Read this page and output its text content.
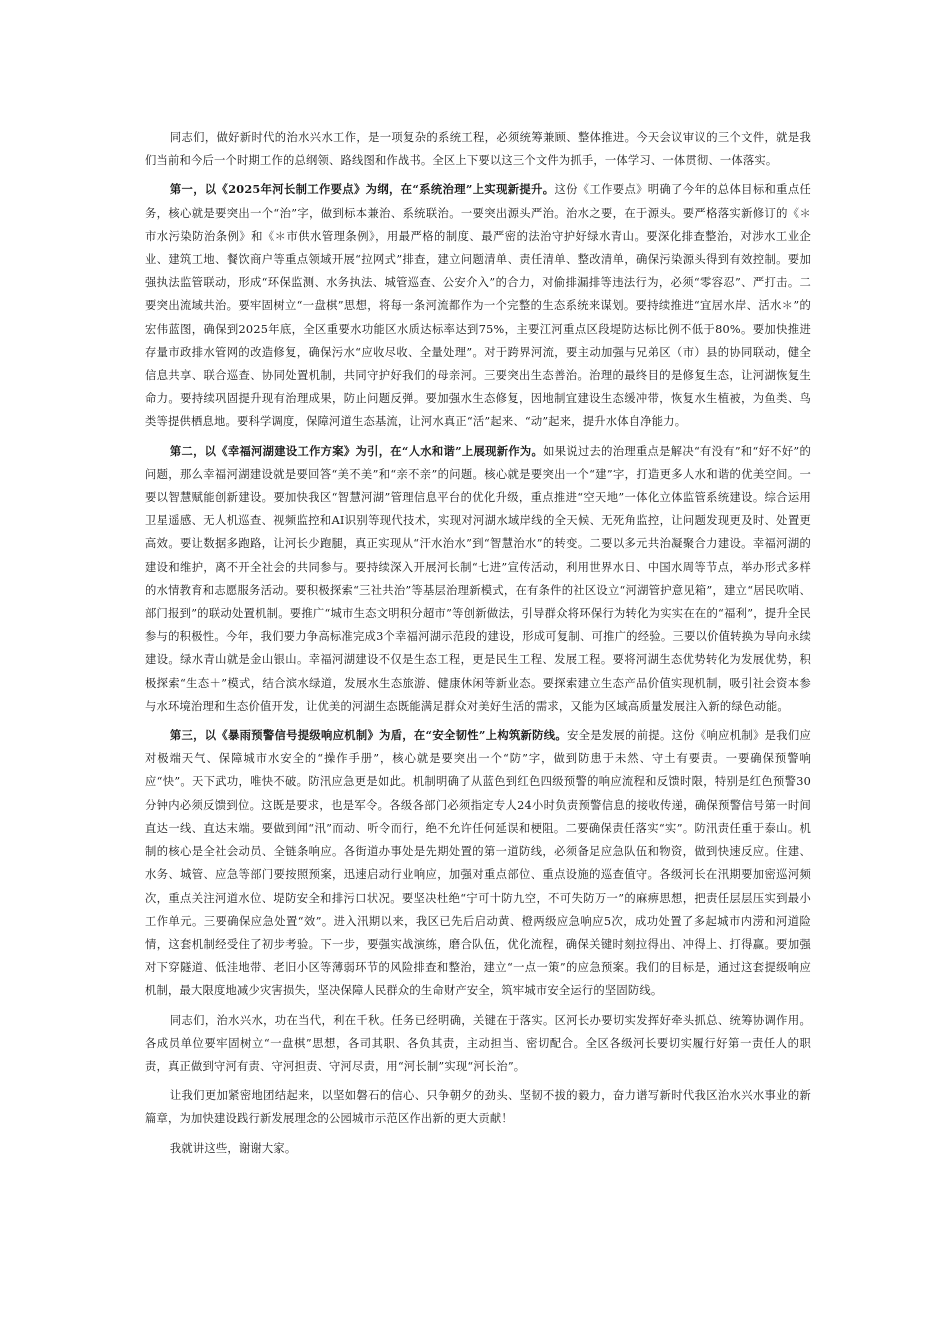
同志们，做好新时代的治水兴水工作，是一项复杂的系统工程，必须统筹兼顾、整体推进。今天会议审议的三个文件，就是我们当前和今后一个时期工作的总纲领、路线图和作战书。全区上下要以这三个文件为抓手，一体学习、一体贯彻、一体落实。

第一，以《2025年河长制工作要点》为纲，在“系统治理”上实现新提升。这份《工作要点》明确了今年的总体目标和重点任务，核心就是要突出一个“治”字，做到标本兼治、系统联治。一要突出源头严治。治水之要，在于源头。要严格落实新修订的《＊市水污染防治条例》和《＊市供水管理条例》，用最严格的制度、最严密的法治守护好绿水青山。要深化排查整治，对涉水工业企业、建筑工地、餐饮商户等重点领域开展“拉网式”排查，建立问题清单、责任清单、整改清单，确保污染源头得到有效控制。要加强执法监管联动，形成“环保监测、水务执法、城管巡查、公安介入”的合力，对偷排漏排等违法行为，必须“零容忍”、严打击。二要突出流域共治。要牢固树立“一盘棋”思想，将每一条河流都作为一个完整的生态系统来谋划。要持续推进“宜居水岸、活水＊”的宏伟蓝图，确保到2025年底，全区重要水功能区水质达标率达到75%，主要江河重点区段堤防达标比例不低于80%。要加快推进存量市政排水管网的改造修复，确保污水“应收尽收、全量处理”。对于跨界河流，要主动加强与兄弟区（市）县的协同联动，健全信息共享、联合巡查、协同处置机制，共同守护好我们的母亲河。三要突出生态善治。治理的最终目的是修复生态，让河湖恢复生命力。要持续巩固提升现有治理成果，防止问题反弹。要加强水生态修复，因地制宜建设生态缓冲带，恢复水生植被，为鱼类、鸟类等提供栖息地。要科学调度，保障河道生态基流，让河水真正“活”起来、“动”起来，提升水体自净能力。

第二，以《幸福河湖建设工作方案》为引，在“人水和谐”上展现新作为。如果说过去的治理重点是解决“有没有”和“好不好”的问题，那么幸福河湖建设就是要回答“美不美”和“亲不亲”的问题。核心就是要突出一个“建”字，打造更多人水和谐的优美空间。一要以智慧赋能创新建设。要加快我区“智慧河湖”管理信息平台的优化升级，重点推进“空天地”一体化立体监管系统建设。综合运用卫星遥感、无人机巡查、视频监控和AI识别等现代技术，实现对河湖水域岸线的全天候、无死角监控，让问题发现更及时、处置更高效。要让数据多跑路，让河长少跑腿，真正实现从“汗水治水”到“智慧治水”的转变。二要以多元共治凝聚合力建设。幸福河湖的建设和维护，离不开全社会的共同参与。要持续深入开展河长制“七进”宣传活动，利用世界水日、中国水周等节点，举办形式多样的水情教育和志愿服务活动。要积极探索“三社共治”等基层治理新模式，在有条件的社区设立“河湖管护意见箱”，建立“居民吹哨、部门报到”的联动处置机制。要推广“城市生态文明积分超市”等创新做法，引导群众将环保行为转化为实实在在的“福利”，提升全民参与的积极性。今年，我们要力争高标准完成3个幸福河湖示范段的建设，形成可复制、可推广的经验。三要以价值转换为导向永续建设。绿水青山就是金山银山。幸福河湖建设不仅是生态工程，更是民生工程、发展工程。要将河湖生态优势转化为发展优势，积极探索“生态＋”模式，结合滨水绿道，发展水生态旅游、健康休闲等新业态。要探索建立生态产品价值实现机制，吸引社会资本参与水环境治理和生态价值开发，让优美的河湖生态既能满足群众对美好生活的需求，又能为区域高质量发展注入新的绿色动能。

第三，以《暴雨预警信号提级响应机制》为盾，在“安全韧性”上构筑新防线。安全是发展的前提。这份《响应机制》是我们应对极端天气、保障城市水安全的“操作手册”，核心就是要突出一个“防”字，做到防患于未然、守土有要责。一要确保预警响应“快”。天下武功，唯快不破。防汛应急更是如此。机制明确了从蓝色到红色四级预警的响应流程和反馈时限，特别是红色预警30分钟内必须反馈到位。这既是要求，也是军令。各级各部门必须指定专人24小时负责预警信息的接收传递，确保预警信号第一时间直达一线、直达末端。要做到闻“汛”而动、听令而行，绝不允许任何延误和梗阻。二要确保责任落实“实”。防汛责任重于泰山。机制的核心是全社会动员、全链条响应。各街道办事处是先期处置的第一道防线，必须备足应急队伍和物资，做到快速反应。住建、水务、城管、应急等部门要按照预案，迅速启动行业响应，加强对重点部位、重点设施的巡查值守。各级河长在汛期要加密巡河频次，重点关注河道水位、堤防安全和排污口状况。要坚决杜绝“宁可十防九空，不可失防万一”的麻痹思想，把责任层层压实到最小工作单元。三要确保应急处置“效”。进入汛期以来，我区已先后启动黄、橙两级应急响应5次，成功处置了多起城市内涝和河道险情，这套机制经受住了初步考验。下一步，要强实战演练，磨合队伍，优化流程，确保关键时刻拉得出、冲得上、打得赢。要加强对下穿隧道、低洼地带、老旧小区等薄弱环节的风险排查和整治，建立“一点一策”的应急预案。我们的目标是，通过这套提级响应机制，最大限度地减少灾害损失，坚决保障人民群众的生命财产安全，筑牢城市安全运行的坚固防线。

同志们，治水兴水，功在当代，利在千秋。任务已经明确，关键在于落实。区河长办要切实发挥好牵头抓总、统筹协调作用。各成员单位要牢固树立“一盘棋”思想，各司其职、各负其责，主动担当、密切配合。全区各级河长要切实履行好第一责任人的职责，真正做到守河有责、守河担责、守河尽责，用“河长制”实现“河长治”。

让我们更加紧密地团结起来，以坚如磐石的信心、只争朝夕的劲头、坚韧不拔的毅力，奋力谱写新时代我区治水兴水事业的新篇章，为加快建设践行新发展理念的公园城市示范区作出新的更大贡献！

我就讲这些，谢谢大家。
